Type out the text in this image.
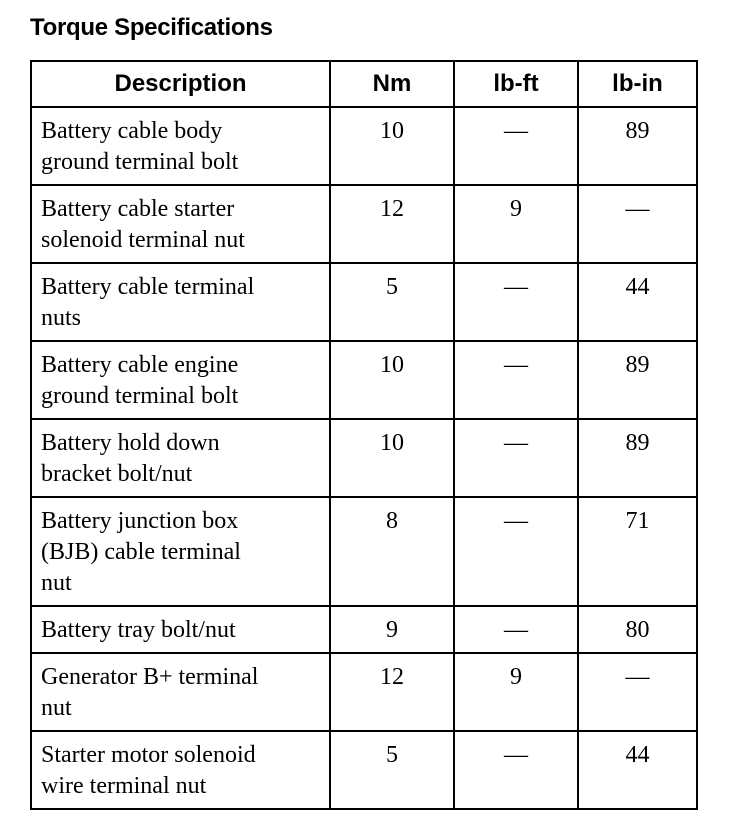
Torque Specifications
Description	Nm	lb-ft	lb-in

Battery cable body
ground terminal bolt	10	—	89

Battery cable starter
solenoid terminal nut	12	9	—

Battery cable terminal
nuts	5	—	44

Battery cable engine
ground terminal bolt	10	—	89

Battery hold down
bracket bolt/nut	10	—	89

Battery junction box
(BJB) cable terminal
nut	8	—	71

Battery tray bolt/nut	9	—	80

Generator B+ terminal
nut	12	9	—

Starter motor solenoid
wire terminal nut	5	—	44
